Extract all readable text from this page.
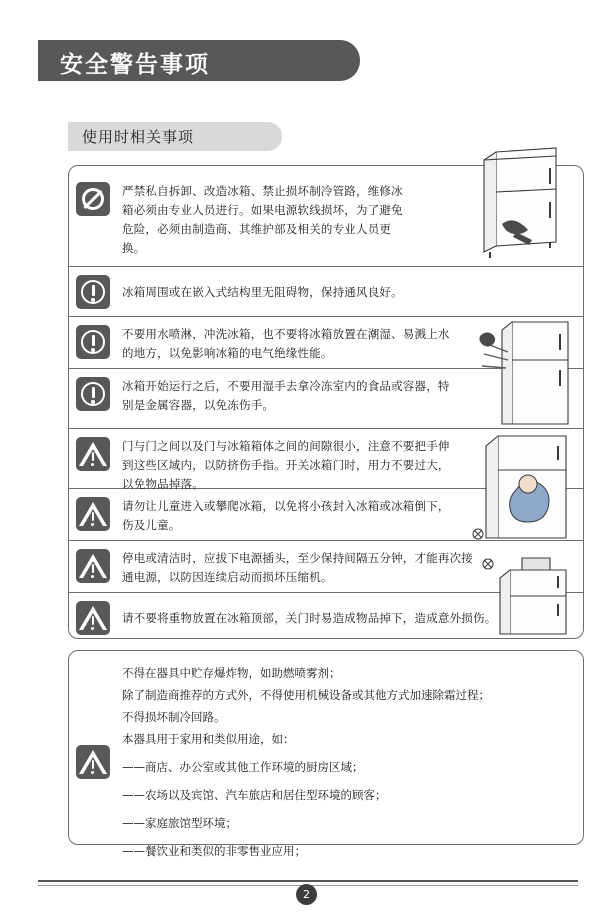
安全警告事项
使用时相关事项
严禁私自拆卸、改造冰箱、禁止损坏制冷管路，维修冰箱必须由专业人员进行。如果电源软线损坏，为了避免危险，必须由制造商、其维护部及相关的专业人员更换。
冰箱周围或在嵌入式结构里无阻碍物，保持通风良好。
不要用水喷淋，冲洗冰箱，也不要将冰箱放置在潮湿、易溅上水的地方，以免影响冰箱的电气绝缘性能。
冰箱开始运行之后，不要用湿手去拿冷冻室内的食品或容器，特别是金属容器，以免冻伤手。
门与门之间以及门与冰箱箱体之间的间隙很小，注意不要把手伸到这些区域内，以防挤伤手指。开关冰箱门时，用力不要过大，以免物品掉落。
请勿让儿童进入或攀爬冰箱，以免将小孩封入冰箱或冰箱倒下，伤及儿童。
停电或清洁时，应拔下电源插头，至少保持间隔五分钟，才能再次接通电源，以防因连续启动而损坏压缩机。
请不要将重物放置在冰箱顶部，关门时易造成物品掉下，造成意外损伤。
不得在器具中贮存爆炸物，如助燃喷雾剂；
除了制造商推荐的方式外，不得使用机械设备或其他方式加速除霜过程；
不得损坏制冷回路。
本器具用于家用和类似用途，如：
——商店、办公室或其他工作环境的厨房区域；
——农场以及宾馆、汽车旅店和居住型环境的顾客；
——家庭旅馆型环境；
——餐饮业和类似的非零售业应用；
2
